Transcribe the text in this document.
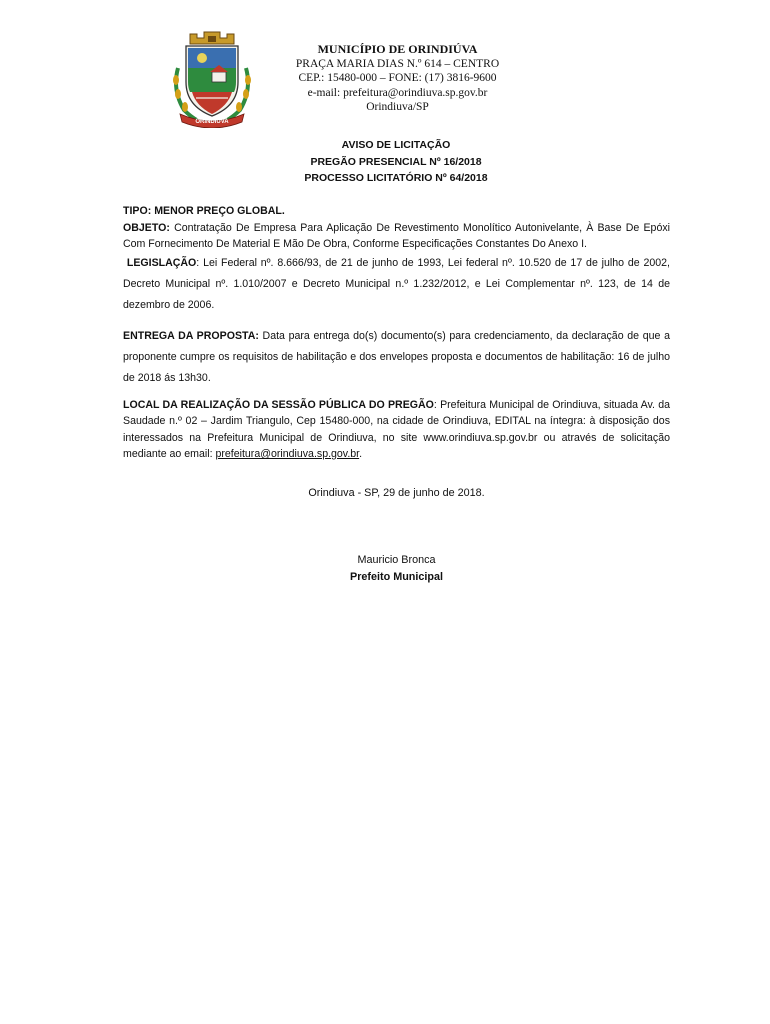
ORINDIÚVA
MUNICÍPIO DE ORINDIÚVA
PRAÇA MARIA DIAS N.º 614 – CENTRO
CEP.: 15480-000 – FONE: (17) 3816-9600
e-mail: prefeitura@orindiuva.sp.gov.br
Orindiuva/SP
AVISO DE LICITAÇÃO
PREGÃO PRESENCIAL Nº 16/2018
PROCESSO LICITATÓRIO Nº 64/2018

TIPO: MENOR PREÇO GLOBAL.

OBJETO: Contratação De Empresa Para Aplicação De Revestimento Monolítico Autonivelante, À Base De Epóxi Com Fornecimento De Material E Mão De Obra, Conforme Especificações Constantes Do Anexo I.

LEGISLAÇÃO: Lei Federal nº. 8.666/93, de 21 de junho de 1993, Lei federal nº. 10.520 de 17 de julho de 2002, Decreto Municipal nº. 1.010/2007 e Decreto Municipal n.º 1.232/2012, e Lei Complementar nº. 123, de 14 de dezembro de 2006.

ENTREGA DA PROPOSTA: Data para entrega do(s) documento(s) para credenciamento, da declaração de que a proponente cumpre os requisitos de habilitação e dos envelopes proposta e documentos de habilitação: 16 de julho de 2018 ás 13h30.

LOCAL DA REALIZAÇÃO DA SESSÃO PÚBLICA DO PREGÃO: Prefeitura Municipal de Orindiuva, situada Av. da Saudade n.º 02 – Jardim Triangulo, Cep 15480-000, na cidade de Orindiuva, EDITAL na íntegra: à disposição dos interessados na Prefeitura Municipal de Orindiuva, no site www.orindiuva.sp.gov.br ou através de solicitação mediante ao email: prefeitura@orindiuva.sp.gov.br.

Orindiuva - SP, 29 de junho de 2018.
Mauricio Bronca
Prefeito Municipal
